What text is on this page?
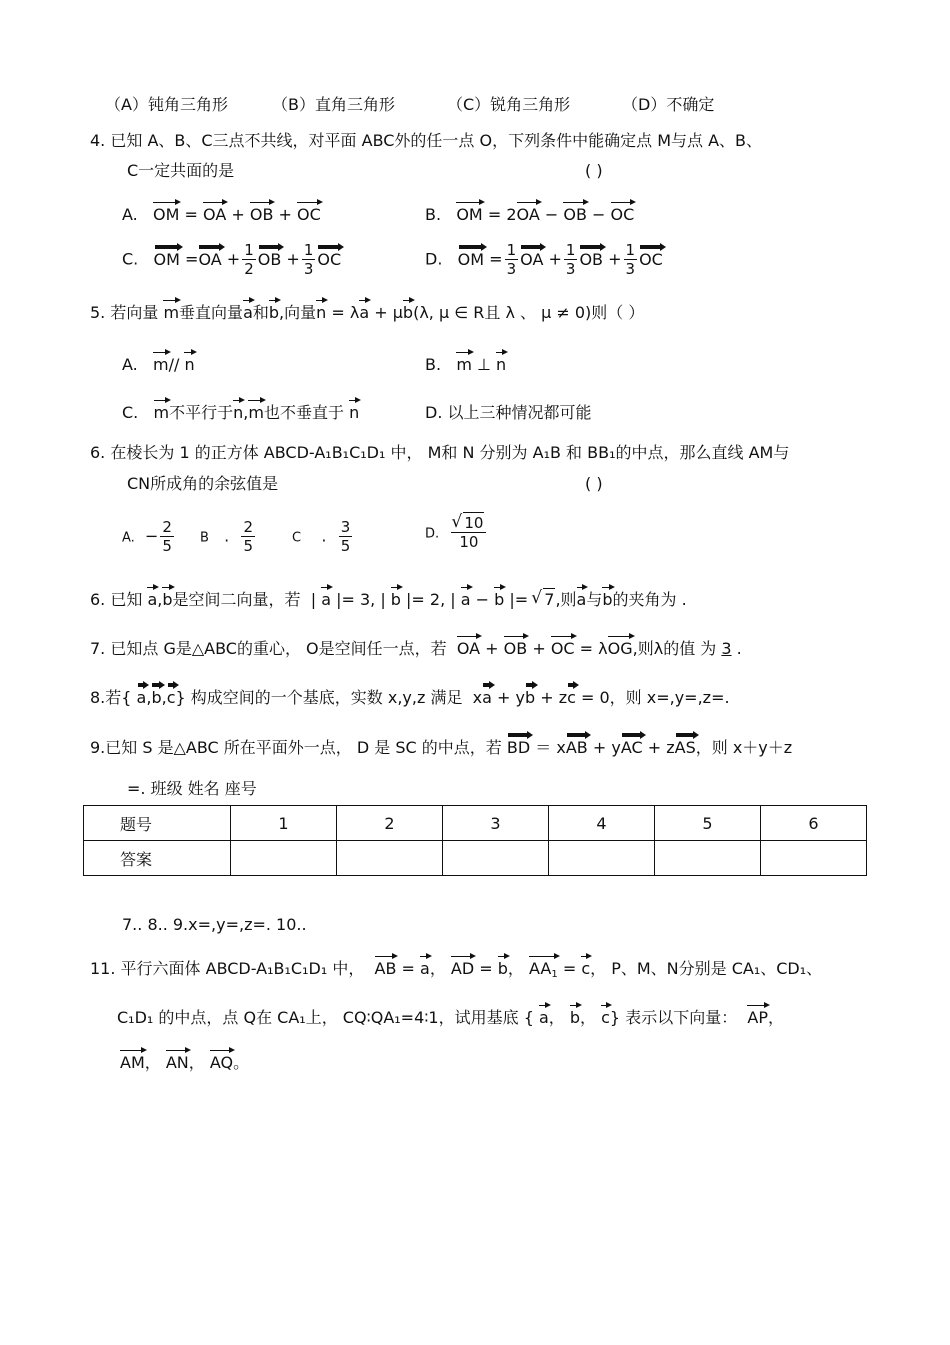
（A）钝角三角形	（B）直角三角形	（C）锐角三角形	（D）不确定
4. 已知 A、B、C三点不共线，对平面 ABC外的任一点 O，下列条件中能确定点 M与点 A、B、
C一定共面的是	( )
A. OM = OA + OB + OC	B. OM = 2OA − OB − OC
C. OM $=OA + \frac{1}{2}$ OB + $\frac{1}{3}$ OC	D. OM = $\frac{1}{3}$ OA + $\frac{1}{3}$ OB + $\frac{1}{3}$ OC
5. 若向量 m垂直向量a和b,向量n = λa + μb(λ, μ ∈ R且 λ 、 μ ≠ 0)则（ ）
A. m// n	B. m ⊥ n
C. m不平行于n,m也不垂直于 n	D. 以上三种情况都可能
6. 在棱长为 1 的正方体 ABCD-A₁B₁C₁D₁ 中， M和 N 分别为 A₁B 和 BB₁的中点，那么直线 AM与
CN所成角的余弦值是	( )
A.  − $\frac{2}{5}$ B   . $\frac{2}{5}$	C    . $\frac{3}{5}$	D. √ $\frac{10}{10}$
6. 已知 a,b是空间二向量，若  | a |= 3, | b |= 2, | a − b |= √ 7,则a与b的夹角为 .
7. 已知点 G是△ABC的重心， O是空间任一点，若 OA + OB + OC = λOG,则λ的值 为 3 .
8.若{ a,b,c} 构成空间的一个基底，实数 x,y,z 满足  xa + yb + zc = 0，则 x=,y=,z=.
9.已知 S 是△ABC 所在平面外一点， D 是 SC 的中点，若 BD ＝ xAB + yAC + zAS，则 x＋y＋z
=. 班级 姓名 座号
题号	1	2	3	4	5	6
答案						
7.. 8.. 9.x=,y=,z=. 10..
11. 平行六面体 ABCD-A₁B₁C₁D₁ 中， AB = a， AD = b， $AA_1 = c$， P、M、N分别是 CA₁、CD₁、
C₁D₁ 的中点，点 Q在 CA₁上， CQ∶QA₁=4∶1，试用基底 { a， b， c} 表示以下向量： AP，
AM， AN， AQ。
